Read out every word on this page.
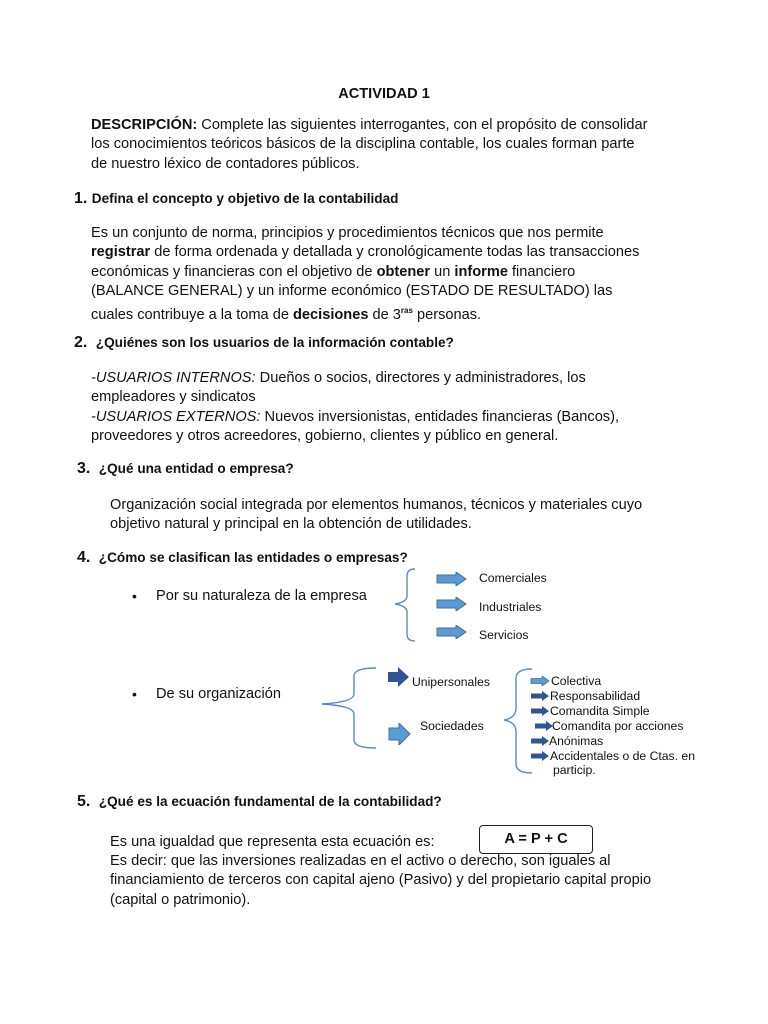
ACTIVIDAD 1
DESCRIPCIÓN: Complete las siguientes interrogantes, con el propósito de consolidar
los conocimientos teóricos básicos de la disciplina contable, los cuales forman parte
de nuestro léxico de contadores públicos.
1. Defina el concepto y objetivo de la contabilidad
Es un conjunto de norma, principios y procedimientos técnicos que nos permite
registrar de forma ordenada y detallada y cronológicamente todas las transacciones
económicas y financieras con el objetivo de obtener un informe financiero
(BALANCE GENERAL) y un informe económico (ESTADO DE RESULTADO) las
cuales contribuye a la toma de decisiones de $3^{ras}$ personas.
2. ¿Quiénes son los usuarios de la información contable?
-USUARIOS INTERNOS: Dueños o socios, directores y administradores, los
empleadores y sindicatos
-USUARIOS EXTERNOS: Nuevos inversionistas, entidades financieras (Bancos),
proveedores y otros acreedores, gobierno, clientes y público en general.
3. ¿Qué una entidad o empresa?
Organización social integrada por elementos humanos, técnicos y materiales cuyo
objetivo natural y principal en la obtención de utilidades.
4. ¿Cómo se clasifican las entidades o empresas?
• Por su naturaleza de la empresa
Comerciales
Industriales
Servicios
• De su organización
Unipersonales
Sociedades
Colectiva
Responsabilidad
Comandita Simple
Comandita por acciones
Anónimas
Accidentales o de Ctas. en
particip.
5. ¿Qué es la ecuación fundamental de la contabilidad?
Es una igualdad que representa esta ecuación es:	A = P + C
Es decir: que las inversiones realizadas en el activo o derecho, son iguales al
financiamiento de terceros con capital ajeno (Pasivo) y del propietario capital propio
(capital o patrimonio).
